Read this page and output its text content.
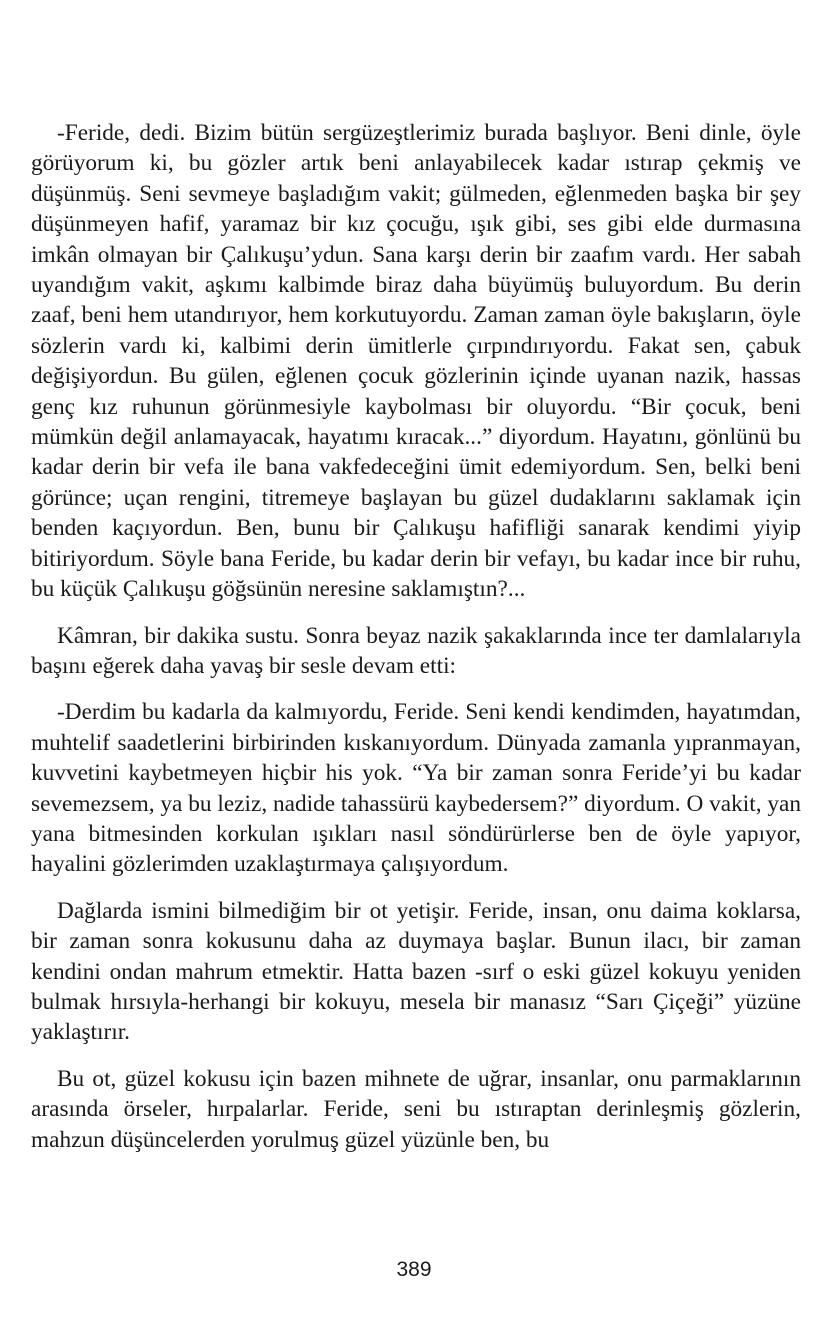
-Feride, dedi. Bizim bütün sergüzeştlerimiz burada başlıyor. Beni dinle, öyle görüyorum ki, bu gözler artık beni anlayabilecek kadar ıstırap çekmiş ve düşünmüş. Seni sevmeye başladığım vakit; gülmeden, eğlenmeden başka bir şey düşünmeyen hafif, yaramaz bir kız çocuğu, ışık gibi, ses gibi elde durmasına imkân olmayan bir Çalıkuşu’ydun. Sana karşı derin bir zaafım vardı. Her sabah uyandığım vakit, aşkımı kalbimde biraz daha büyümüş buluyordum. Bu derin zaaf, beni hem utandırıyor, hem korkutuyordu. Zaman zaman öyle bakışların, öyle sözlerin vardı ki, kalbimi derin ümitlerle çırpındırıyordu. Fakat sen, çabuk değişiyordun. Bu gülen, eğlenen çocuk gözlerinin içinde uyanan nazik, hassas genç kız ruhunun görünmesiyle kaybolması bir oluyordu. “Bir çocuk, beni mümkün değil anlamayacak, hayatımı kıracak...” diyordum. Hayatını, gönlünü bu kadar derin bir vefa ile bana vakfedeceğini ümit edemiyordum. Sen, belki beni görünce; uçan rengini, titremeye başlayan bu güzel dudaklarını saklamak için benden kaçıyordun. Ben, bunu bir Çalıkuşu hafifliği sanarak kendimi yiyip bitiriyordum. Söyle bana Feride, bu kadar derin bir vefayı, bu kadar ince bir ruhu, bu küçük Çalıkuşu göğsünün neresine saklamıştın?...

Kâmran, bir dakika sustu. Sonra beyaz nazik şakaklarında ince ter damlalarıyla başını eğerek daha yavaş bir sesle devam etti:

-Derdim bu kadarla da kalmıyordu, Feride. Seni kendi kendimden, hayatımdan, muhtelif saadetlerini birbirinden kıskanıyordum. Dünyada zamanla yıpranmayan, kuvvetini kaybetmeyen hiçbir his yok. “Ya bir zaman sonra Feride’yi bu kadar sevemezsem, ya bu leziz, nadide tahassürü kaybedersem?” diyordum. O vakit, yan yana bitmesinden korkulan ışıkları nasıl söndürürlerse ben de öyle yapıyor, hayalini gözlerimden uzaklaştırmaya çalışıyordum.

Dağlarda ismini bilmediğim bir ot yetişir. Feride, insan, onu daima koklarsa, bir zaman sonra kokusunu daha az duymaya başlar. Bunun ilacı, bir zaman kendini ondan mahrum etmektir. Hatta bazen -sırf o eski güzel kokuyu yeniden bulmak hırsıyla-herhangi bir kokuyu, mesela bir manasız “Sarı Çiçeği” yüzüne yaklaştırır.

Bu ot, güzel kokusu için bazen mihnete de uğrar, insanlar, onu parmaklarının arasında örseler, hırpalarlar. Feride, seni bu ıstıraptan derinleşmiş gözlerin, mahzun düşüncelerden yorulmuş güzel yüzünle ben, bu

389
